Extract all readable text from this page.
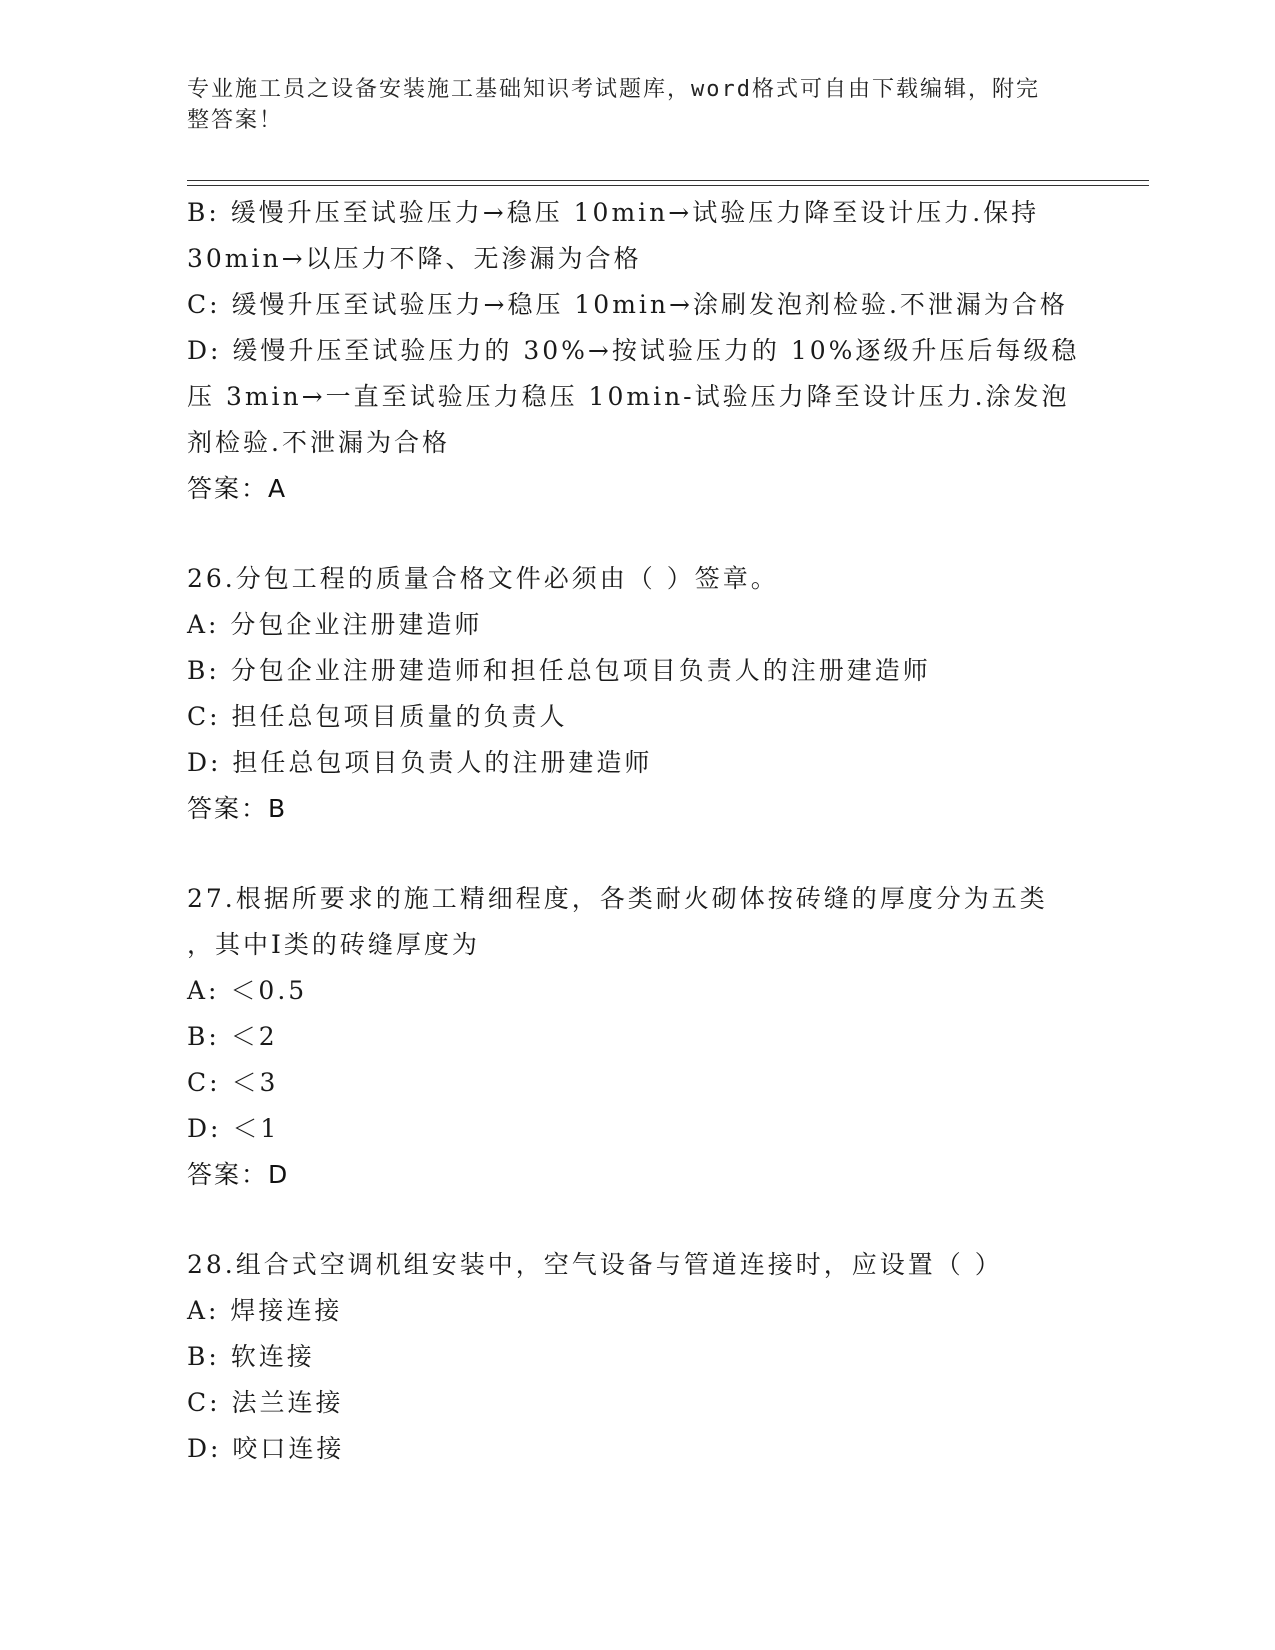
专业施工员之设备安装施工基础知识考试题库，word格式可自由下载编辑，附完
整答案！
B: 缓慢升压至试验压力→稳压 10min→试验压力降至设计压力.保持
30min→以压力不降、无渗漏为合格
C: 缓慢升压至试验压力→稳压 10min→涂刷发泡剂检验.不泄漏为合格
D: 缓慢升压至试验压力的 30%→按试验压力的 10%逐级升压后每级稳
压 3min→一直至试验压力稳压 10min-试验压力降至设计压力.涂发泡
剂检验.不泄漏为合格
答案：A
26.分包工程的质量合格文件必须由（ ）签章。
A: 分包企业注册建造师
B: 分包企业注册建造师和担任总包项目负责人的注册建造师
C: 担任总包项目质量的负责人
D: 担任总包项目负责人的注册建造师
答案：B
27.根据所要求的施工精细程度，各类耐火砌体按砖缝的厚度分为五类
，其中Ⅰ类的砖缝厚度为
A: ＜0.5
B: ＜2
C: ＜3
D: ＜1
答案：D
28.组合式空调机组安装中，空气设备与管道连接时，应设置（ ）
A: 焊接连接
B: 软连接
C: 法兰连接
D: 咬口连接
